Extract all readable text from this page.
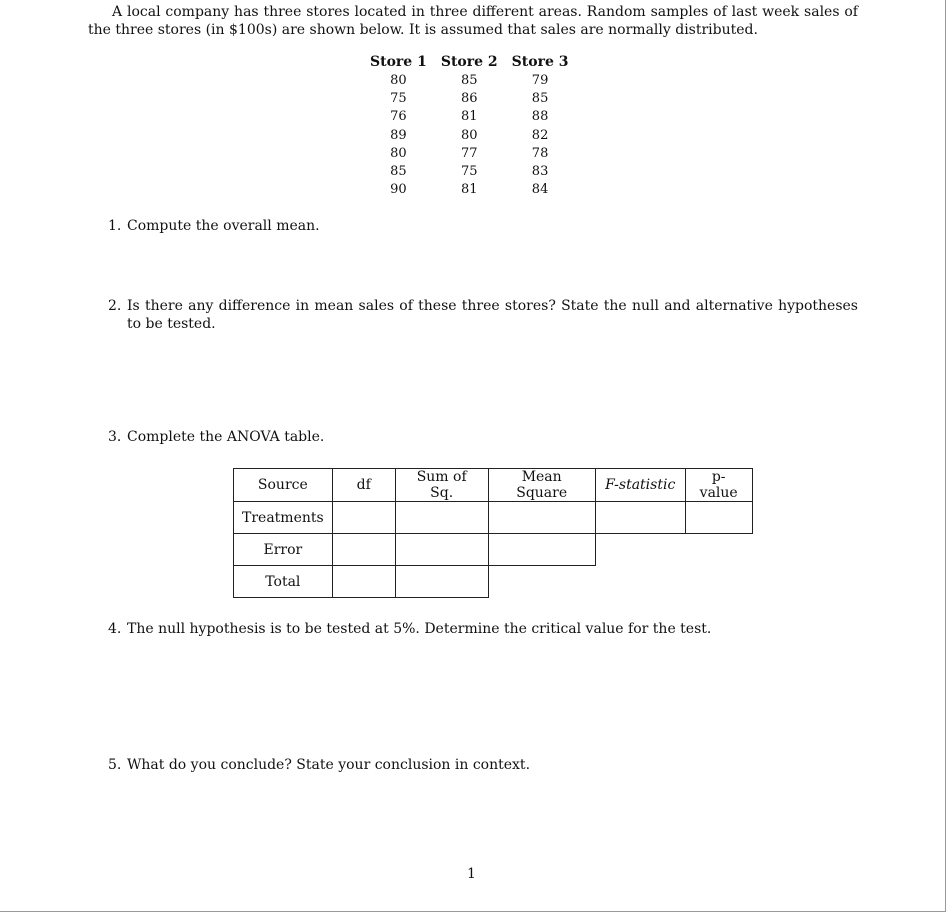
A local company has three stores located in three different areas. Random samples of last week sales of the three stores (in $100s) are shown below. It is assumed that sales are normally distributed.
Store 1	Store 2	Store 3
80	85	79
75	86	85
76	81	88
89	80	82
80	77	78
85	75	83
90	81	84
1. Compute the overall mean.
2. Is there any difference in mean sales of these three stores? State the null and alternative hypotheses to be tested.
3. Complete the ANOVA table.
Source	df	Sum of Sq.	Mean Square	F-statistic	p-value
Treatments					
Error					
Total					
4. The null hypothesis is to be tested at 5%. Determine the critical value for the test.
5. What do you conclude? State your conclusion in context.
1
